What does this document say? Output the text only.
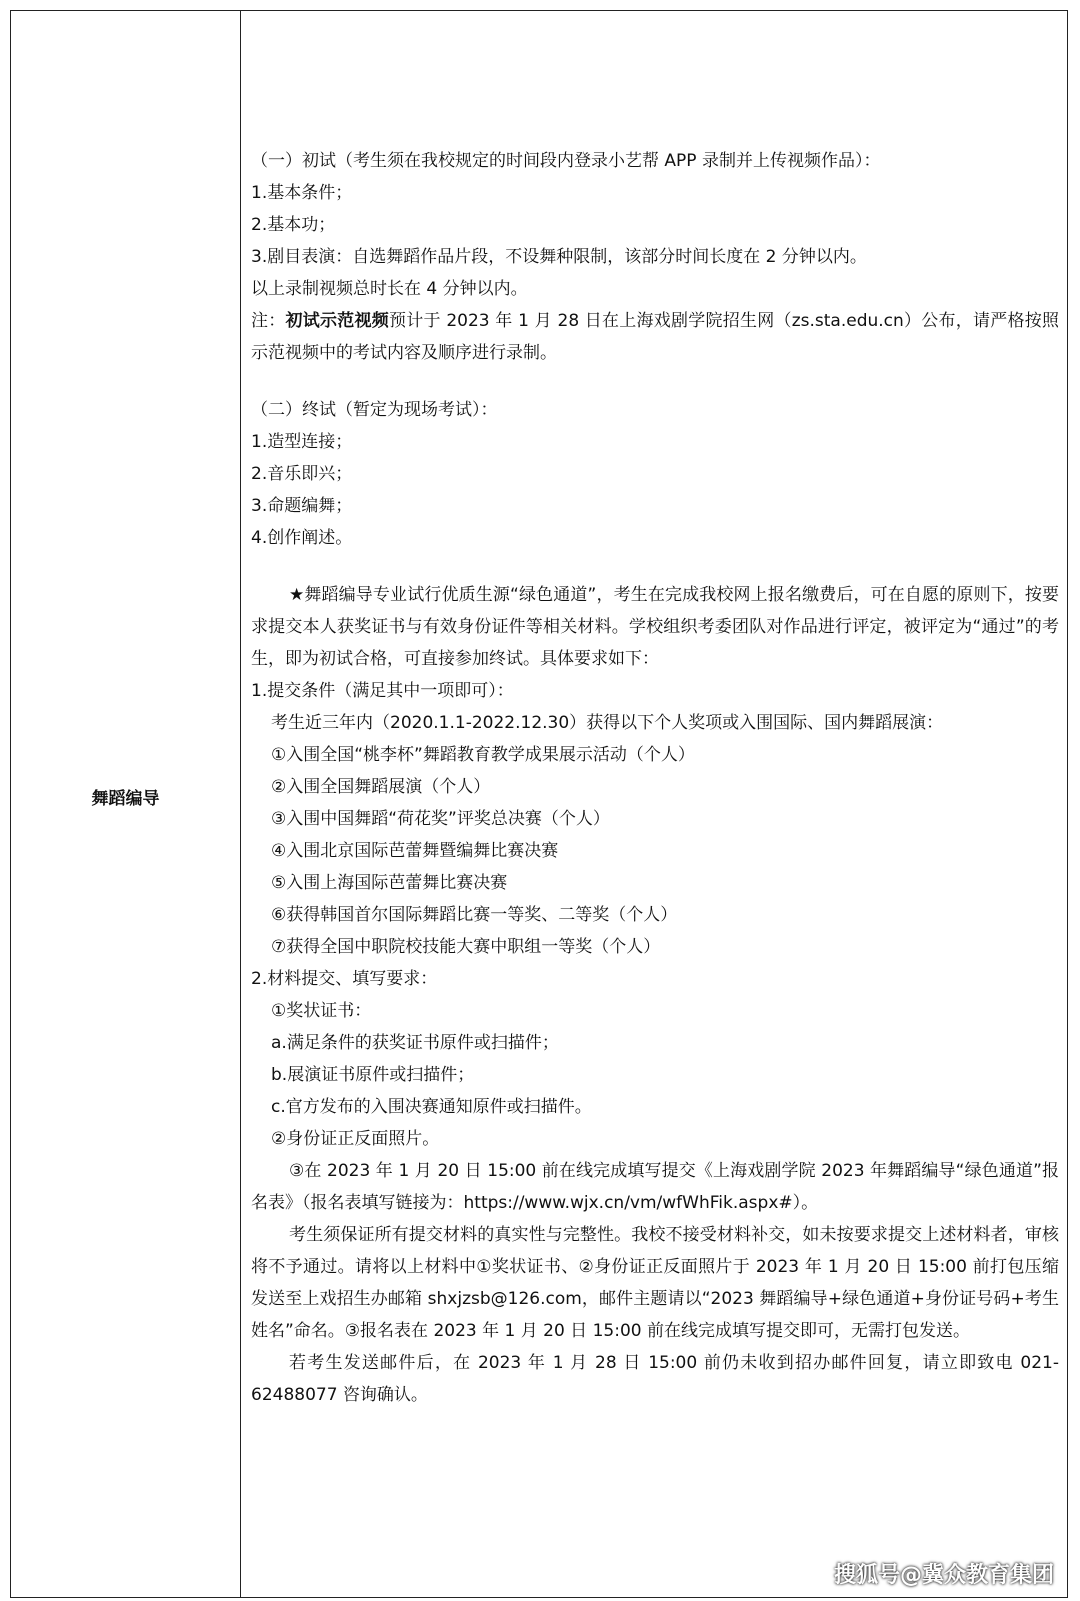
舞蹈编导
（一）初试（考生须在我校规定的时间段内登录小艺帮 APP 录制并上传视频作品）：
1.基本条件；
2.基本功；
3.剧目表演：自选舞蹈作品片段，不设舞种限制，该部分时间长度在 2 分钟以内。
以上录制视频总时长在 4 分钟以内。
注：初试示范视频预计于 2023 年 1 月 28 日在上海戏剧学院招生网（zs.sta.edu.cn）公布，请严格按照示范视频中的考试内容及顺序进行录制。
（二）终试（暂定为现场考试）：
1.造型连接；
2.音乐即兴；
3.命题编舞；
4.创作阐述。
★舞蹈编导专业试行优质生源“绿色通道”，考生在完成我校网上报名缴费后，可在自愿的原则下，按要求提交本人获奖证书与有效身份证件等相关材料。学校组织考委团队对作品进行评定，被评定为“通过”的考生，即为初试合格，可直接参加终试。具体要求如下：
1.提交条件（满足其中一项即可）：
考生近三年内（2020.1.1-2022.12.30）获得以下个人奖项或入围国际、国内舞蹈展演：
①入围全国“桃李杯”舞蹈教育教学成果展示活动（个人）
②入围全国舞蹈展演（个人）
③入围中国舞蹈“荷花奖”评奖总决赛（个人）
④入围北京国际芭蕾舞暨编舞比赛决赛
⑤入围上海国际芭蕾舞比赛决赛
⑥获得韩国首尔国际舞蹈比赛一等奖、二等奖（个人）
⑦获得全国中职院校技能大赛中职组一等奖（个人）
2.材料提交、填写要求：
①奖状证书：
a.满足条件的获奖证书原件或扫描件；
b.展演证书原件或扫描件；
c.官方发布的入围决赛通知原件或扫描件。
②身份证正反面照片。
③在 2023 年 1 月 20 日 15:00 前在线完成填写提交《上海戏剧学院 2023 年舞蹈编导“绿色通道”报名表》（报名表填写链接为：https://www.wjx.cn/vm/wfWhFik.aspx#）。
考生须保证所有提交材料的真实性与完整性。我校不接受材料补交，如未按要求提交上述材料者，审核将不予通过。请将以上材料中①奖状证书、②身份证正反面照片于 2023 年 1 月 20 日 15:00 前打包压缩发送至上戏招生办邮箱 shxjzsb@126.com，邮件主题请以“2023 舞蹈编导+绿色通道+身份证号码+考生姓名”命名。③报名表在 2023 年 1 月 20 日 15:00 前在线完成填写提交即可，无需打包发送。
若考生发送邮件后，在 2023 年 1 月 28 日 15:00 前仍未收到招办邮件回复，请立即致电 021-62488077 咨询确认。
搜狐号@冀众教育集团
